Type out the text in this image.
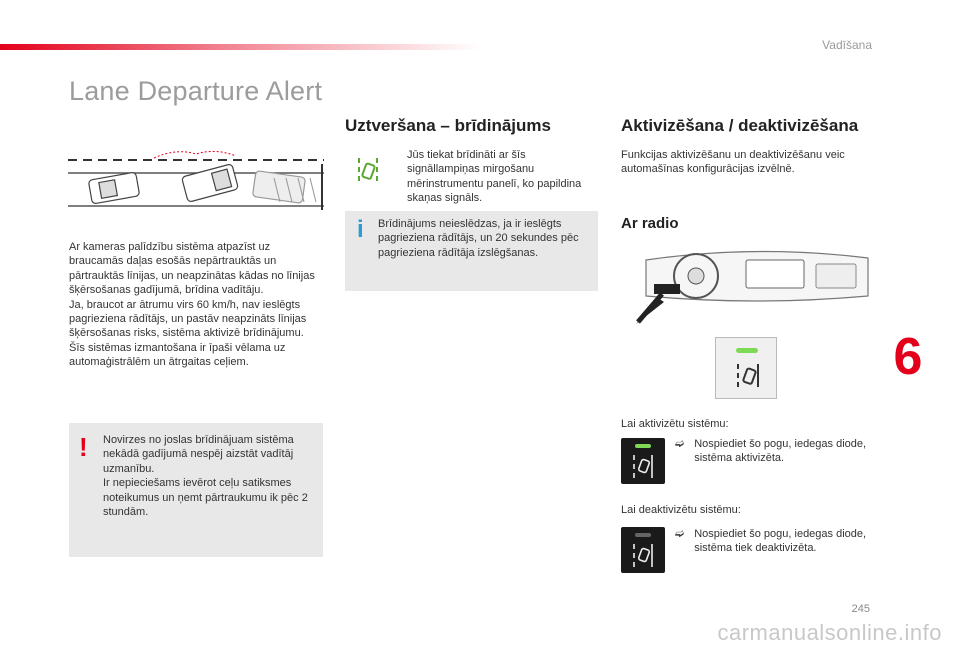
Vadīšana
Lane Departure Alert
Ar kameras palīdzību sistēma atpazīst uz braucamās daļas esošās nepārtrauktās un pārtrauktās līnijas, un neapzinātas kādas no līnijas šķērsošanas gadījumā, brīdina vadītāju.
Ja, braucot ar ātrumu virs 60 km/h, nav ieslēgts pagrieziena rādītājs, un pastāv neapzināts līnijas šķērsošanas risks, sistēma aktivizē brīdinājumu.
Šīs sistēmas izmantošana ir īpaši vēlama uz automaģistrālēm un ātrgaitas ceļiem.
! Novirzes no joslas brīdinājuam sistēma nekādā gadījumā nespēj aizstāt vadītāj uzmanību.
Ir nepieciešams ievērot ceļu satiksmes noteikumus un ņemt pārtraukumu ik pēc 2 stundām.
Uztveršana – brīdinājums
Jūs tiekat brīdināti ar šīs signāllampiņas mirgošanu mērinstrumentu panelī, ko papildina skaņas signāls.
i Brīdinājums neieslēdzas, ja ir ieslēgts pagrieziena rādītājs, un 20 sekundes pēc pagrieziena rādītāja izslēgšanas.
Aktivizēšana / deaktivizēšana
Funkcijas aktivizēšanu un deaktivizēšanu veic automašīnas konfigurācijas izvēlnē.
Ar radio
Lai aktivizētu sistēmu:
➫ Nospiediet šo pogu, iedegas diode, sistēma aktivizēta.
Lai deaktivizētu sistēmu:
➫ Nospiediet šo pogu, iedegas diode, sistēma tiek deaktivizēta.
6
245
carmanualsonline.info
